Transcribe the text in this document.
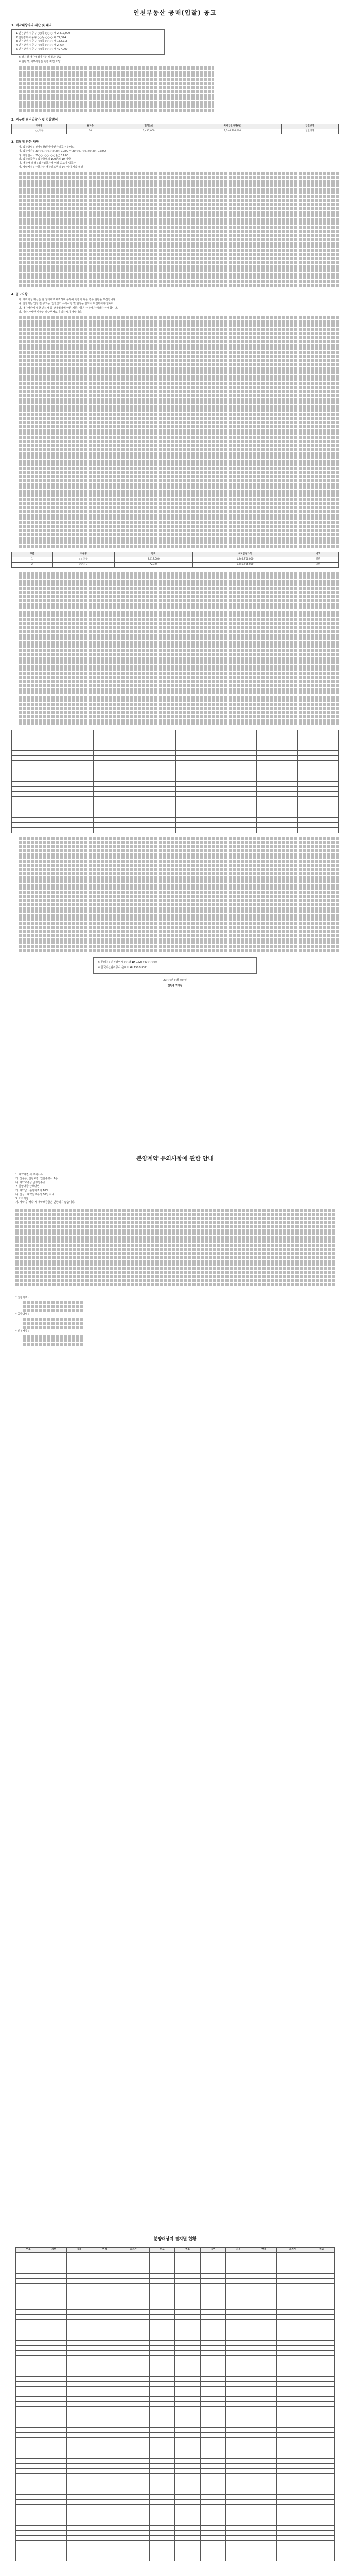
인천부동산 공매(입찰) 공고
1. 매각대상자의 재산 및 내역
1 인천광역시 중구 ○○동 ○○-○ 대 2,417,000
2 인천광역시 중구 ○○동 ○○-○ 대 72,324
3 인천광역시 중구 ○○동 ○○-○ 대 152,716
4 인천광역시 중구 ○○동 ○○-○ 대 2,734
5 인천광역시 중구 ○○동 ○○-○ 대 427,000
※ 필지별 매각예정가격은 별첨과 같음
※ 현황 및 세부사항은 현장 확인 요망
2. 지구별 최저입찰가 및 입찰방식
지구명	필지수	면적(㎡)	최저입찰가격(원)	입찰방식
○○지구	70	2,417,000	1,246,706,000	일반경쟁
3. 입찰에 관한 사항
가. 입찰방법 : 전자입찰(한국자산관리공사 온비드)
나. 입찰기간 : 20○○. ○○. ○○.(○) 10:00 ~ 20○○. ○○. ○○.(○) 17:00
다. 개찰일시 : 20○○. ○○. ○○.(○) 11:00
라. 입찰보증금 : 입찰금액의 100분의 10 이상
마. 낙찰자 결정 : 최저입찰가격 이상 최고가 입찰자
바. 계약체결 : 낙찰자는 낙찰일로부터 5일 이내 계약 체결
4. 공고사항
가. 매각대상 재산은 현 상태대로 매각하며 공부와 현황이 다를 경우 현황을 우선합니다.
나. 입찰자는 입찰 전 공고문, 입찰참가 유의사항 및 현장을 반드시 확인하여야 합니다.
다. 매각재산에 대한 인허가 등 관계법령에 따른 제한사항은 낙찰자가 해결하여야 합니다.
라. 기타 자세한 사항은 담당부서로 문의하시기 바랍니다.
구분	지구명	면적	최저입찰가격	비고
1	○○지구	2,417,000	1,246,706,000	일반
2	○○지구	72,324	1,246,706,000	일반

※ 문의처 : 인천광역시 ○○과 ☎ 032) 440-○○○○
※ 한국자산관리공사 온비드 ☎ 1588-5321
20○○년 ○월 ○○일
인천광역시장
분양계약 유의사항에 관한 안내
1. 계약체결 시 구비서류
가. 신분증, 인감도장, 인감증명서 1통
나. 계약보증금 납부영수증
2. 분양대금 납부방법
가. 계약금 : 분양가격의 10%
나. 잔금 : 계약일로부터 60일 이내
3. 기타사항
가. 계약 후 해약 시 계약보증금은 반환되지 않습니다.
* 신청자격 :
* 공급방법 :
* 신청서류 :
분양대상지 필지별 현황
번호	지번	지목	면적	최저가	비고	번호	지번	지목	면적	최저가	비고
